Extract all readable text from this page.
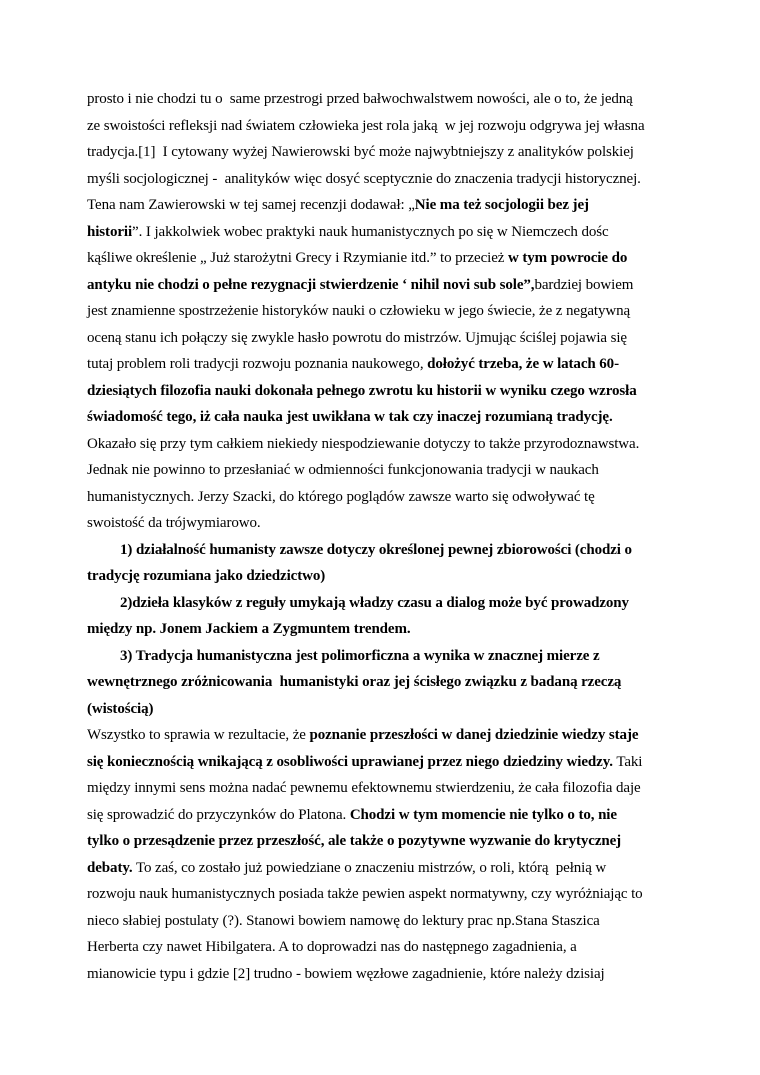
prosto i nie chodzi tu o  same przestrogi przed bałwochwalstwem nowości, ale o to, że jedną
ze swoistości refleksji nad światem człowieka jest rola jaką  w jej rozwoju odgrywa jej własna
tradycja.[1]  I cytowany wyżej Nawierowski być może najwybtniejszy z analityków polskiej
myśli socjologicznej -  analityków więc dosyć sceptycznie do znaczenia tradycji historycznej.
Tena nam Zawierowski w tej samej recenzji dodawał: „Nie ma też socjologii bez jej
historii”. I jakkolwiek wobec praktyki nauk humanistycznych po się w Niemczech dośc
kąśliwe określenie „ Już starożytni Grecy i Rzymianie itd.” to przecież w tym powrocie do
antyku nie chodzi o pełne rezygnacji stwierdzenie ‘ nihil novi sub sole”,bardziej bowiem
jest znamienne spostrzeżenie historyków nauki o człowieku w jego świecie, że z negatywną
oceną stanu ich połączy się zwykle hasło powrotu do mistrzów. Ujmując ściślej pojawia się
tutaj problem roli tradycji rozwoju poznania naukowego, dołożyć trzeba, że w latach 60-
dziesiątych filozofia nauki dokonała pełnego zwrotu ku historii w wyniku czego wzrosła
świadomość tego, iż cała nauka jest uwikłana w tak czy inaczej rozumianą tradycję.
Okazało się przy tym całkiem niekiedy niespodziewanie dotyczy to także przyrodoznawstwa.
Jednak nie powinno to przesłaniać w odmienności funkcjonowania tradycji w naukach
humanistycznych. Jerzy Szacki, do którego poglądów zawsze warto się odwoływać tę
swoistość da trójwymiarowo.
1) działalność humanisty zawsze dotyczy określonej pewnej zbiorowości (chodzi o
tradycję rozumiana jako dziedzictwo)
2)dzieła klasyków z reguły umykają władzy czasu a dialog może być prowadzony
między np. Jonem Jackiem a Zygmuntem trendem.
3) Tradycja humanistyczna jest polimorficzna a wynika w znacznej mierze z
wewnętrznego zróżnicowania  humanistyki oraz jej ścisłego związku z badaną rzeczą
(wistością)
Wszystko to sprawia w rezultacie, że poznanie przeszłości w danej dziedzinie wiedzy staje
się koniecznością wnikającą z osobliwości uprawianej przez niego dziedziny wiedzy. Taki
między innymi sens można nadać pewnemu efektownemu stwierdzeniu, że cała filozofia daje
się sprowadzić do przyczynków do Platona. Chodzi w tym momencie nie tylko o to, nie
tylko o przesądzenie przez przeszłość, ale także o pozytywne wyzwanie do krytycznej
debaty. To zaś, co zostało już powiedziane o znaczeniu mistrzów, o roli, którą  pełnią w
rozwoju nauk humanistycznych posiada także pewien aspekt normatywny, czy wyróżniając to
nieco słabiej postulaty (?). Stanowi bowiem namowę do lektury prac np.Stana Staszica
Herberta czy nawet Hibilgatera. A to doprowadzi nas do następnego zagadnienia, a
mianowicie typu i gdzie [2] trudno - bowiem węzłowe zagadnienie, które należy dzisiaj
